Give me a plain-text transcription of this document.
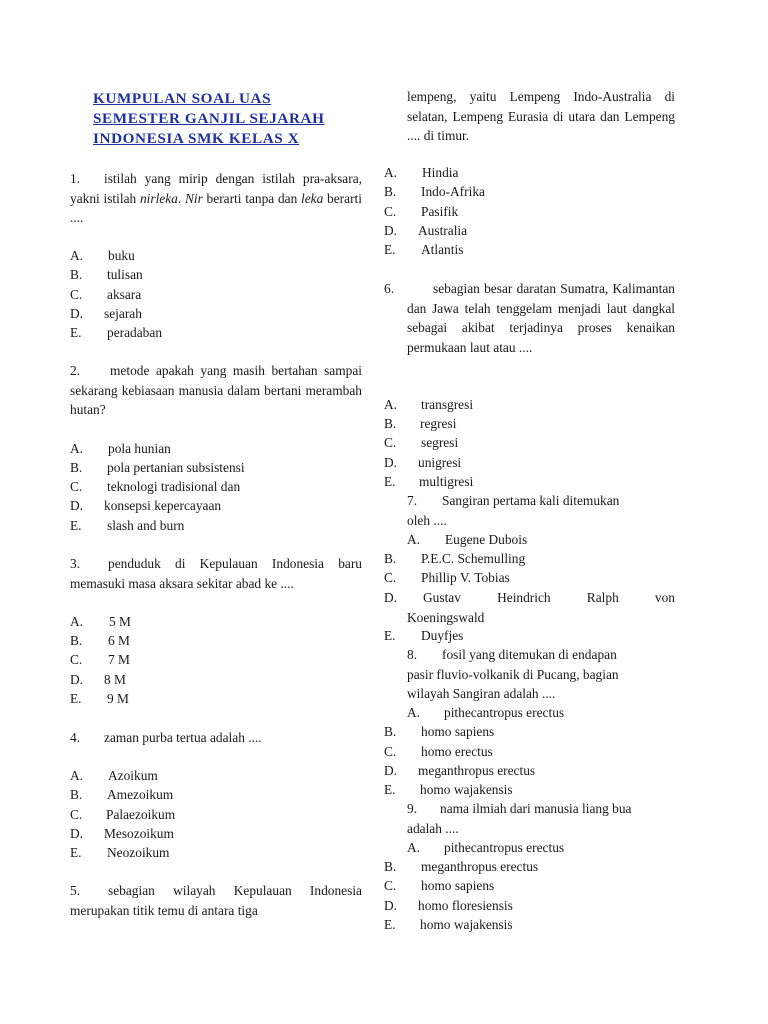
KUMPULAN SOAL UAS SEMESTER GANJIL SEJARAH INDONESIA SMK KELAS X
1. istilah yang mirip dengan istilah pra-aksara, yakni istilah nirleka. Nir berarti tanpa dan leka berarti ....
A. buku
B. tulisan
C. aksara
D. sejarah
E. peradaban
2. metode apakah yang masih bertahan sampai sekarang kebiasaan manusia dalam bertani merambah hutan?
A. pola hunian
B. pola pertanian subsistensi
C. teknologi tradisional dan
D. konsepsi kepercayaan
E. slash and burn
3. penduduk di Kepulauan Indonesia baru memasuki masa aksara sekitar abad ke ....
A. 5 M
B. 6 M
C. 7 M
D. 8 M
E. 9 M
4. zaman purba tertua adalah ....
A. Azoikum
B. Amezoikum
C. Palaezoikum
D. Mesozoikum
E. Neozoikum
5. sebagian wilayah Kepulauan Indonesia merupakan titik temu di antara tiga
lempeng, yaitu Lempeng Indo-Australia di selatan, Lempeng Eurasia di utara dan Lempeng .... di timur.
A. Hindia
B. Indo-Afrika
C. Pasifik
D. Australia
E. Atlantis
6.	sebagian besar daratan Sumatra, Kalimantan dan Jawa telah tenggelam menjadi laut dangkal sebagai akibat terjadinya proses kenaikan permukaan laut atau ....
A. transgresi
B. regresi
C. segresi
D. unigresi
E. multigresi
7. Sangiran pertama kali ditemukan
oleh ....
A. Eugene Dubois
B. P.E.C. Schemulling
C. Phillip V. Tobias
D.	Gustav Heindrich Ralph von Koeningswald
E. Duyfjes
8. fosil yang ditemukan di endapan
pasir fluvio-volkanik di Pucang, bagian
wilayah Sangiran adalah ....
A. pithecantropus erectus
B. homo sapiens
C. homo erectus
D. meganthropus erectus
E. homo wajakensis
9. nama ilmiah dari manusia liang bua
adalah ....
A. pithecantropus erectus
B. meganthropus erectus
C. homo sapiens
D. homo floresiensis
E. homo wajakensis
